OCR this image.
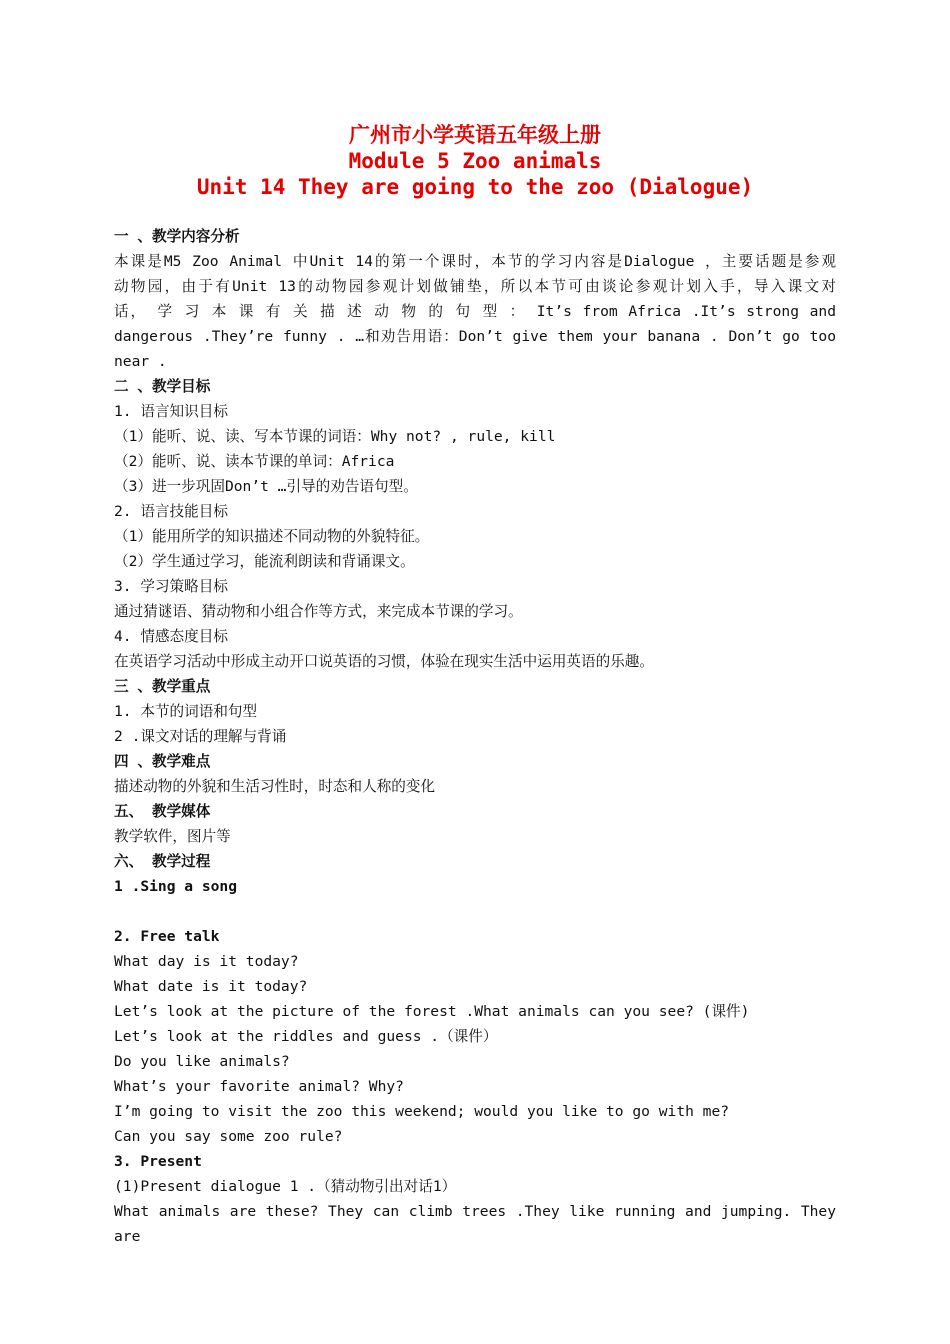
广州市小学英语五年级上册
Module 5 Zoo animals
Unit 14 They are going to the zoo (Dialogue)
一 、教学内容分析
本课是M5 Zoo Animal 中Unit 14的第一个课时，本节的学习内容是Dialogue ，主要话题是参观
动物园，由于有Unit 13的动物园参观计划做铺垫，所以本节可由谈论参观计划入手，导入课文对
话， 学 习 本 课 有 关 描 述 动 物 的 句 型 ： It’s from Africa .It’s strong and
dangerous .They’re funny . …和劝告用语：Don’t give them your banana . Don’t go too
near .
二 、教学目标
1. 语言知识目标
（1）能听、说、读、写本节课的词语：Why not? , rule, kill
（2）能听、说、读本节课的单词：Africa
（3）进一步巩固Don’t …引导的劝告语句型。
2. 语言技能目标
（1）能用所学的知识描述不同动物的外貌特征。
（2）学生通过学习，能流利朗读和背诵课文。
3. 学习策略目标
通过猜谜语、猜动物和小组合作等方式，来完成本节课的学习。
4. 情感态度目标
在英语学习活动中形成主动开口说英语的习惯，体验在现实生活中运用英语的乐趣。
三 、教学重点
1. 本节的词语和句型
2 .课文对话的理解与背诵
四 、教学难点
描述动物的外貌和生活习性时，时态和人称的变化
五、 教学媒体
教学软件，图片等
六、 教学过程
1 .Sing a song
2. Free talk
What day is it today?
What date is it today?
Let’s look at the picture of the forest .What animals can you see? (课件)
Let’s look at the riddles and guess .（课件）
Do you like animals?
What’s your favorite animal? Why?
I’m going to visit the zoo this weekend; would you like to go with me?
Can you say some zoo rule?
3. Present
(1)Present dialogue 1 .（猜动物引出对话1）
What animals are these? They can climb trees .They like running and jumping. They are
